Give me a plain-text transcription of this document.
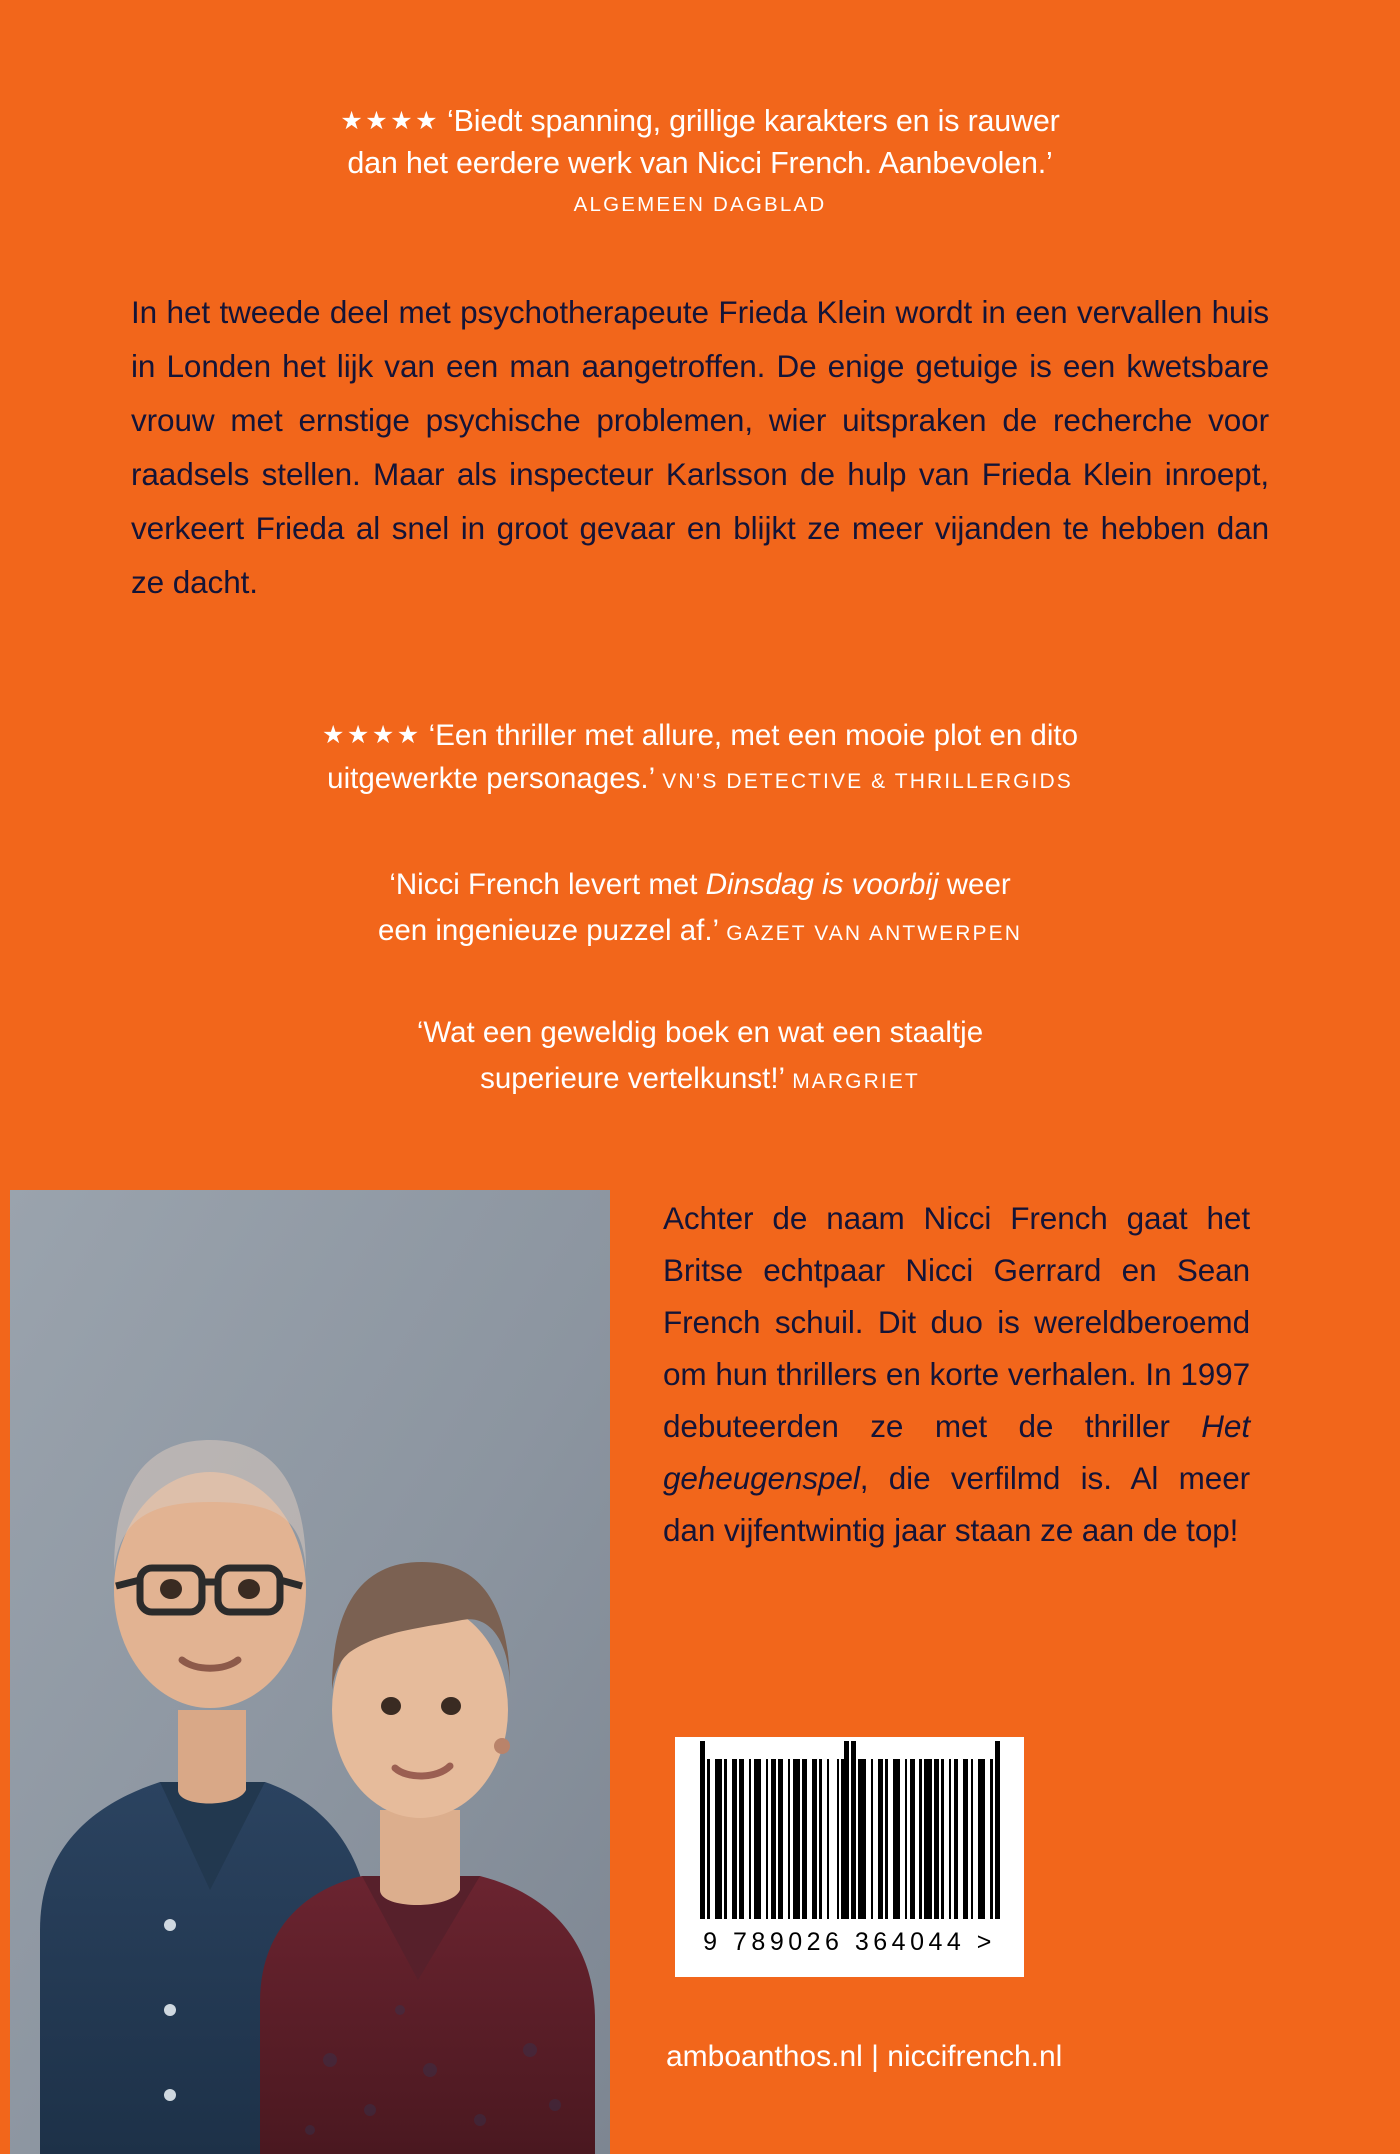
★★★★ ‘Biedt spanning, grillige karakters en is rauwer
dan het eerdere werk van Nicci French. Aanbevolen.’
ALGEMEEN DAGBLAD
In het tweede deel met psychotherapeute Frieda Klein wordt in een vervallen huis in Londen het lijk van een man aangetroffen. De enige getuige is een kwetsbare vrouw met ernstige psychische problemen, wier uitspraken de recherche voor raadsels stellen. Maar als inspecteur Karlsson de hulp van Frieda Klein inroept, verkeert Frieda al snel in groot gevaar en blijkt ze meer vijanden te hebben dan ze dacht.
★★★★ ‘Een thriller met allure, met een mooie plot en dito
uitgewerkte personages.’ VN’S DETECTIVE & THRILLERGIDS
‘Nicci French levert met Dinsdag is voorbij weer
een ingenieuze puzzel af.’ GAZET VAN ANTWERPEN
‘Wat een geweldig boek en wat een staaltje
superieure vertelkunst!’ MARGRIET
Achter de naam Nicci French gaat het Britse echtpaar Nicci Gerrard en Sean French schuil. Dit duo is wereldberoemd om hun thrillers en korte verhalen. In 1997 debuteerden ze met de thriller Het geheugenspel, die verfilmd is. Al meer dan vijfentwintig jaar staan ze aan de top!
9 789026 364044 >
amboanthos.nl | niccifrench.nl
